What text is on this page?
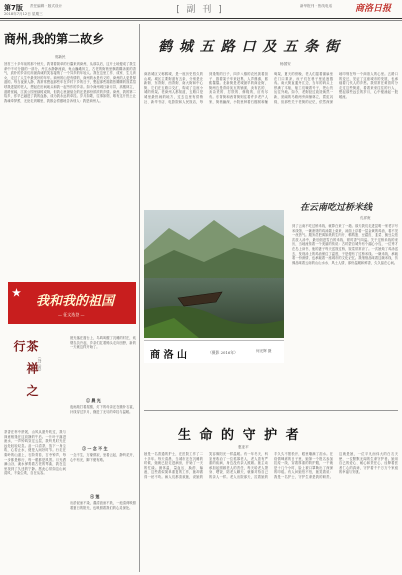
第7版 责任编辑 · 版式设计
2018年7月12日 星期三	[ 副 刊 ]	新华报刊 · 热线电话	商洛日报
商州,我的第二故乡
郭新民
回首三十多年前的那个秋天，我背着简单的行囊来到商州，从那以后，这片土地便成了我生命中不可分割的一部分。丹江水静静流淌，龟山巍峨耸立，古老的街巷里飘着糊汤面的香气，质朴的乡亲们用最真诚的笑容接纳了一个异乡的年轻人。我在这里工作、成家、生儿育女，走过了人生中最美好的年华。商州的山是有情的，商州的水是有义的，商州的人更是厚道的。每当夜深人静，我常常想起那些年在乡村下乡的日子，想起那些端着热腾腾的饭菜招呼我进屋的老人，想起在田间地头和我一起劳作的乡亲。如今商州城日新月异，高楼林立，道路宽阔，江滨公园里绿树成荫，但我心里最惦念的还是那份浓浓的乡情。商州，我的第二故乡，你早已融进了我的血脉，成为我永远的牵挂。岁月如歌，往事如烟，唯有这片热土让我魂牵梦萦，无论走到哪里，我都会骄傲地告诉别人：我是商州人。
★
我和我的祖国
— 征文选登 —
茶 禅 之 行
（外三首）
茶香在杯中舒展，山风从窗外吹过，我与禅意相逢在这寂静的午后。一片叶子落进流水，一声钟鸣穿过云层，我听见时光在远处轻轻叹息。品一口清茶，放下一身尘埃，心若止水，便是人间好时节。行走在秦岭的山道上，石阶青苔，古寺钟声，每一步都是修行，每一眼都是风景。月光洒满山谷，溪水弹奏着古老的琴曲，我在这里找到了久违的宁静。愿此心常如这山间清风，不染尘埃，自在从容。
晨光落在窗台上，鸟鸣叫醒了沉睡的村庄，炊烟袅袅升起，乡亲们扛着锄头走向田野，新的一天就这样开始了。
① 晨 光
夜雨敲打着屋檐，灯下的母亲还在缝补衣裳，针线穿过岁月，缝进了无尽的牵挂与温暖。
③ 一 念 不 生
一念不生，万缘俱寂，坐看云起，静听花开，心中有光，脚下便有路。
④ 莲
出淤泥而不染，濯清涟而不妖，一池清荷映照着夏日的阳光，也映照着我们的心灵深处。
鹤 城 五 路 口 及 五 条 街
杨国安
商洛城区又称鹤城，是一座历史悠久的山城。城区主要街道有五条，分别是北新街、东背街、西背街、南大街和中心街，它们在五路口交汇，构成了这座小城的骨架。老商州人都知道，五路口是城里最热闹的地方，过去这里有供销社、新华书店、电影院和人民饭店，每到逢集的日子，四乡八镇的农民挑着担子、推着架子车来赶集，人声鼎沸，熙熙攘攘。北新街是老城最早的商业街，街两边是青砖灰瓦的铺面，卖布匹的、卖杂货的、打铁的、修鞋的，应有尽有。东背街和西背街则住着许多老户人家，街巷幽深，小院里种着石榴树和葡萄架，夏天的傍晚，老人们摇着蒲扇坐在门口乘凉，孩子们在巷子里追逐嬉戏。南大街直通丹江边，当年的码头上停满了木船，船工们喊着号子，把山货运往外地。如今，老街经过改造焕然一新，宽阔的马路两旁商铺林立，霓虹闪烁，但那些关于老街的记忆，依然深深地印刻在每一个商洛人的心里。五路口的变迁，见证了这座城市的发展，也承载着几代人的乡愁。我常常在黄昏时分走过这些街道，看着来来往往的行人，想起那些远去的岁月，心中便涌起一股暖流。
在云南吃过桥米线
孔祥庚
到了云南不吃过桥米线，就算白来了一趟。那天我们走进昆明一家老字号米线馆，一碗滚烫的鸡汤端上桌来，汤面上浮着一层金黄的鸡油，看不见一丝热气。服务员把薄如纸的生肉片、鹌鹑蛋、豆腐皮、韭菜、豌豆尖依次放入汤中，最后倒进雪白的米线，顿时香气四溢。关于过桥米线的来历，当地流传着一个美丽的传说：古时蒙自城外有个湖心小岛，一位秀才在岛上读书，他的妻子每天送饭过桥，饭菜常常凉了。一次她炖了鸡汤送去，发现汤上的鸡油保住了温度，于是便有了过桥米线。一碗米线，承载着一份深情，也承载着一座城市的文化记忆。我细细品味着这碗米线，仿佛品味着云南的山山水水、风土人情，那份温暖和鲜香，久久留在心间。
商 洛 山	（摄影 2016年）	何光辉 摄
生 命 的 守 护 者
惠亚平
她是一名普通的护士，在医院工作了二十多年。每天清晨，当城市还在沉睡的时候，她就已经走进病房，开始了一天的忙碌。测体温、量血压、换药、输液，这些看似简单重复的工作，她却做得一丝不苟。病人们都喜欢她，说她的笑容像阳光一样温暖。有一年冬天，科室里收治了一位孤寡老人，老人患有严重的疾病，身边没有亲人照顾。她主动承担起照顾老人的责任，每天给老人擦身、喂饭、陪老人聊天，就像对待自己的亲人一样。老人出院那天，拉着她的手久久不愿松开，眼里噙满了泪水。在疫情肆虐的日子里，她第一个报名参加抗疫一线，穿着厚重的防护服，一干就是十几个小时，脸上被口罩勒出了深深的印痕。有人问她怕不怕，她笑着说：我是一名护士，守护生命是我的职责。这就是她，一位平凡而伟大的白衣天使，一位默默无闻的生命守护者。她用自己的爱心、耐心和责任心，诠释着医者仁心的真谛，守护着千千万万个家庭的幸福与安康。
